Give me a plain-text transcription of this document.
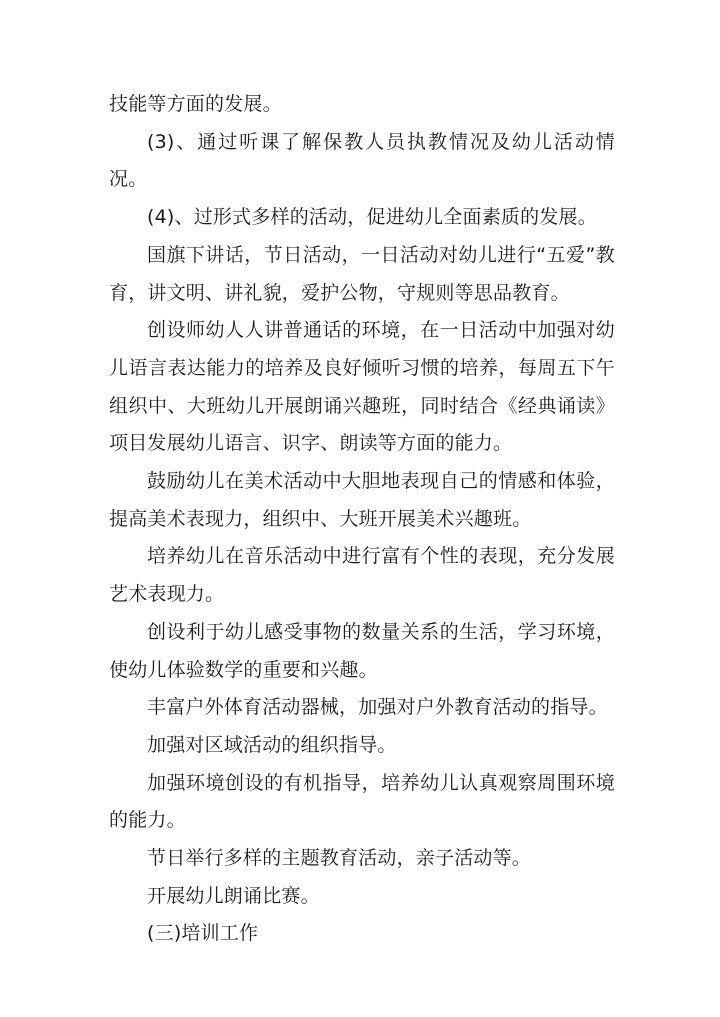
技能等方面的发展。

(3)、通过听课了解保教人员执教情况及幼儿活动情况。

(4)、过形式多样的活动，促进幼儿全面素质的发展。

国旗下讲话，节日活动，一日活动对幼儿进行“五爱”教育，讲文明、讲礼貌，爱护公物，守规则等思品教育。

创设师幼人人讲普通话的环境，在一日活动中加强对幼儿语言表达能力的培养及良好倾听习惯的培养，每周五下午组织中、大班幼儿开展朗诵兴趣班，同时结合《经典诵读》项目发展幼儿语言、识字、朗读等方面的能力。

鼓励幼儿在美术活动中大胆地表现自己的情感和体验，提高美术表现力，组织中、大班开展美术兴趣班。

培养幼儿在音乐活动中进行富有个性的表现，充分发展艺术表现力。

创设利于幼儿感受事物的数量关系的生活，学习环境，使幼儿体验数学的重要和兴趣。

丰富户外体育活动器械，加强对户外教育活动的指导。

加强对区域活动的组织指导。

加强环境创设的有机指导，培养幼儿认真观察周围环境的能力。

节日举行多样的主题教育活动，亲子活动等。

开展幼儿朗诵比赛。

(三)培训工作
